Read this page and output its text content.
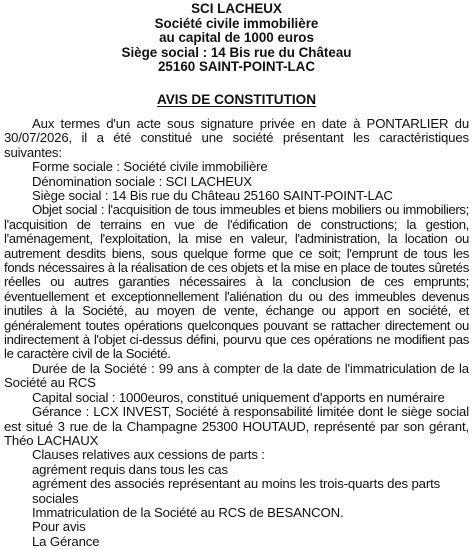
SCI LACHEUX
Société civile immobilière
au capital de 1000 euros
Siège social : 14 Bis rue du Château
25160 SAINT-POINT-LAC
AVIS DE CONSTITUTION

Aux termes d'un acte sous signature privée en date à PONTARLIER du 30/07/2026, il a été constitué une société présentant les caractéristiques suivantes:

Forme sociale : Société civile immobilière

Dénomination sociale : SCI LACHEUX

Siège social : 14 Bis rue du Château 25160 SAINT-POINT-LAC

Objet social : l'acquisition de tous immeubles et biens mobiliers ou immobiliers; l'acquisition de terrains en vue de l'édification de constructions; la gestion, l'aménagement, l'exploitation, la mise en valeur, l'administration, la location ou autrement desdits biens, sous quelque forme que ce soit; l'emprunt de tous les fonds nécessaires à la réalisation de ces objets et la mise en place de toutes sûretés réelles ou autres garanties nécessaires à la conclusion de ces emprunts; éventuellement et exceptionnellement l'aliénation du ou des immeubles devenus inutiles à la Société, au moyen de vente, échange ou apport en société, et généralement toutes opérations quelconques pouvant se rattacher directement ou indirectement à l'objet ci-dessus défini, pourvu que ces opérations ne modifient pas le caractère civil de la Société.

Durée de la Société : 99 ans à compter de la date de l'immatriculation de la Société au RCS

Capital social : 1000euros, constitué uniquement d'apports en numéraire

Gérance : LCX INVEST, Société à responsabilité limitée dont le siège social est situé 3 rue de la Champagne 25300 HOUTAUD, représenté par son gérant, Théo LACHAUX

Clauses relatives aux cessions de parts :

agrément requis dans tous les cas

agrément des associés représentant au moins les trois-quarts des parts sociales

Immatriculation de la Société au RCS de BESANCON.

Pour avis

La Gérance
